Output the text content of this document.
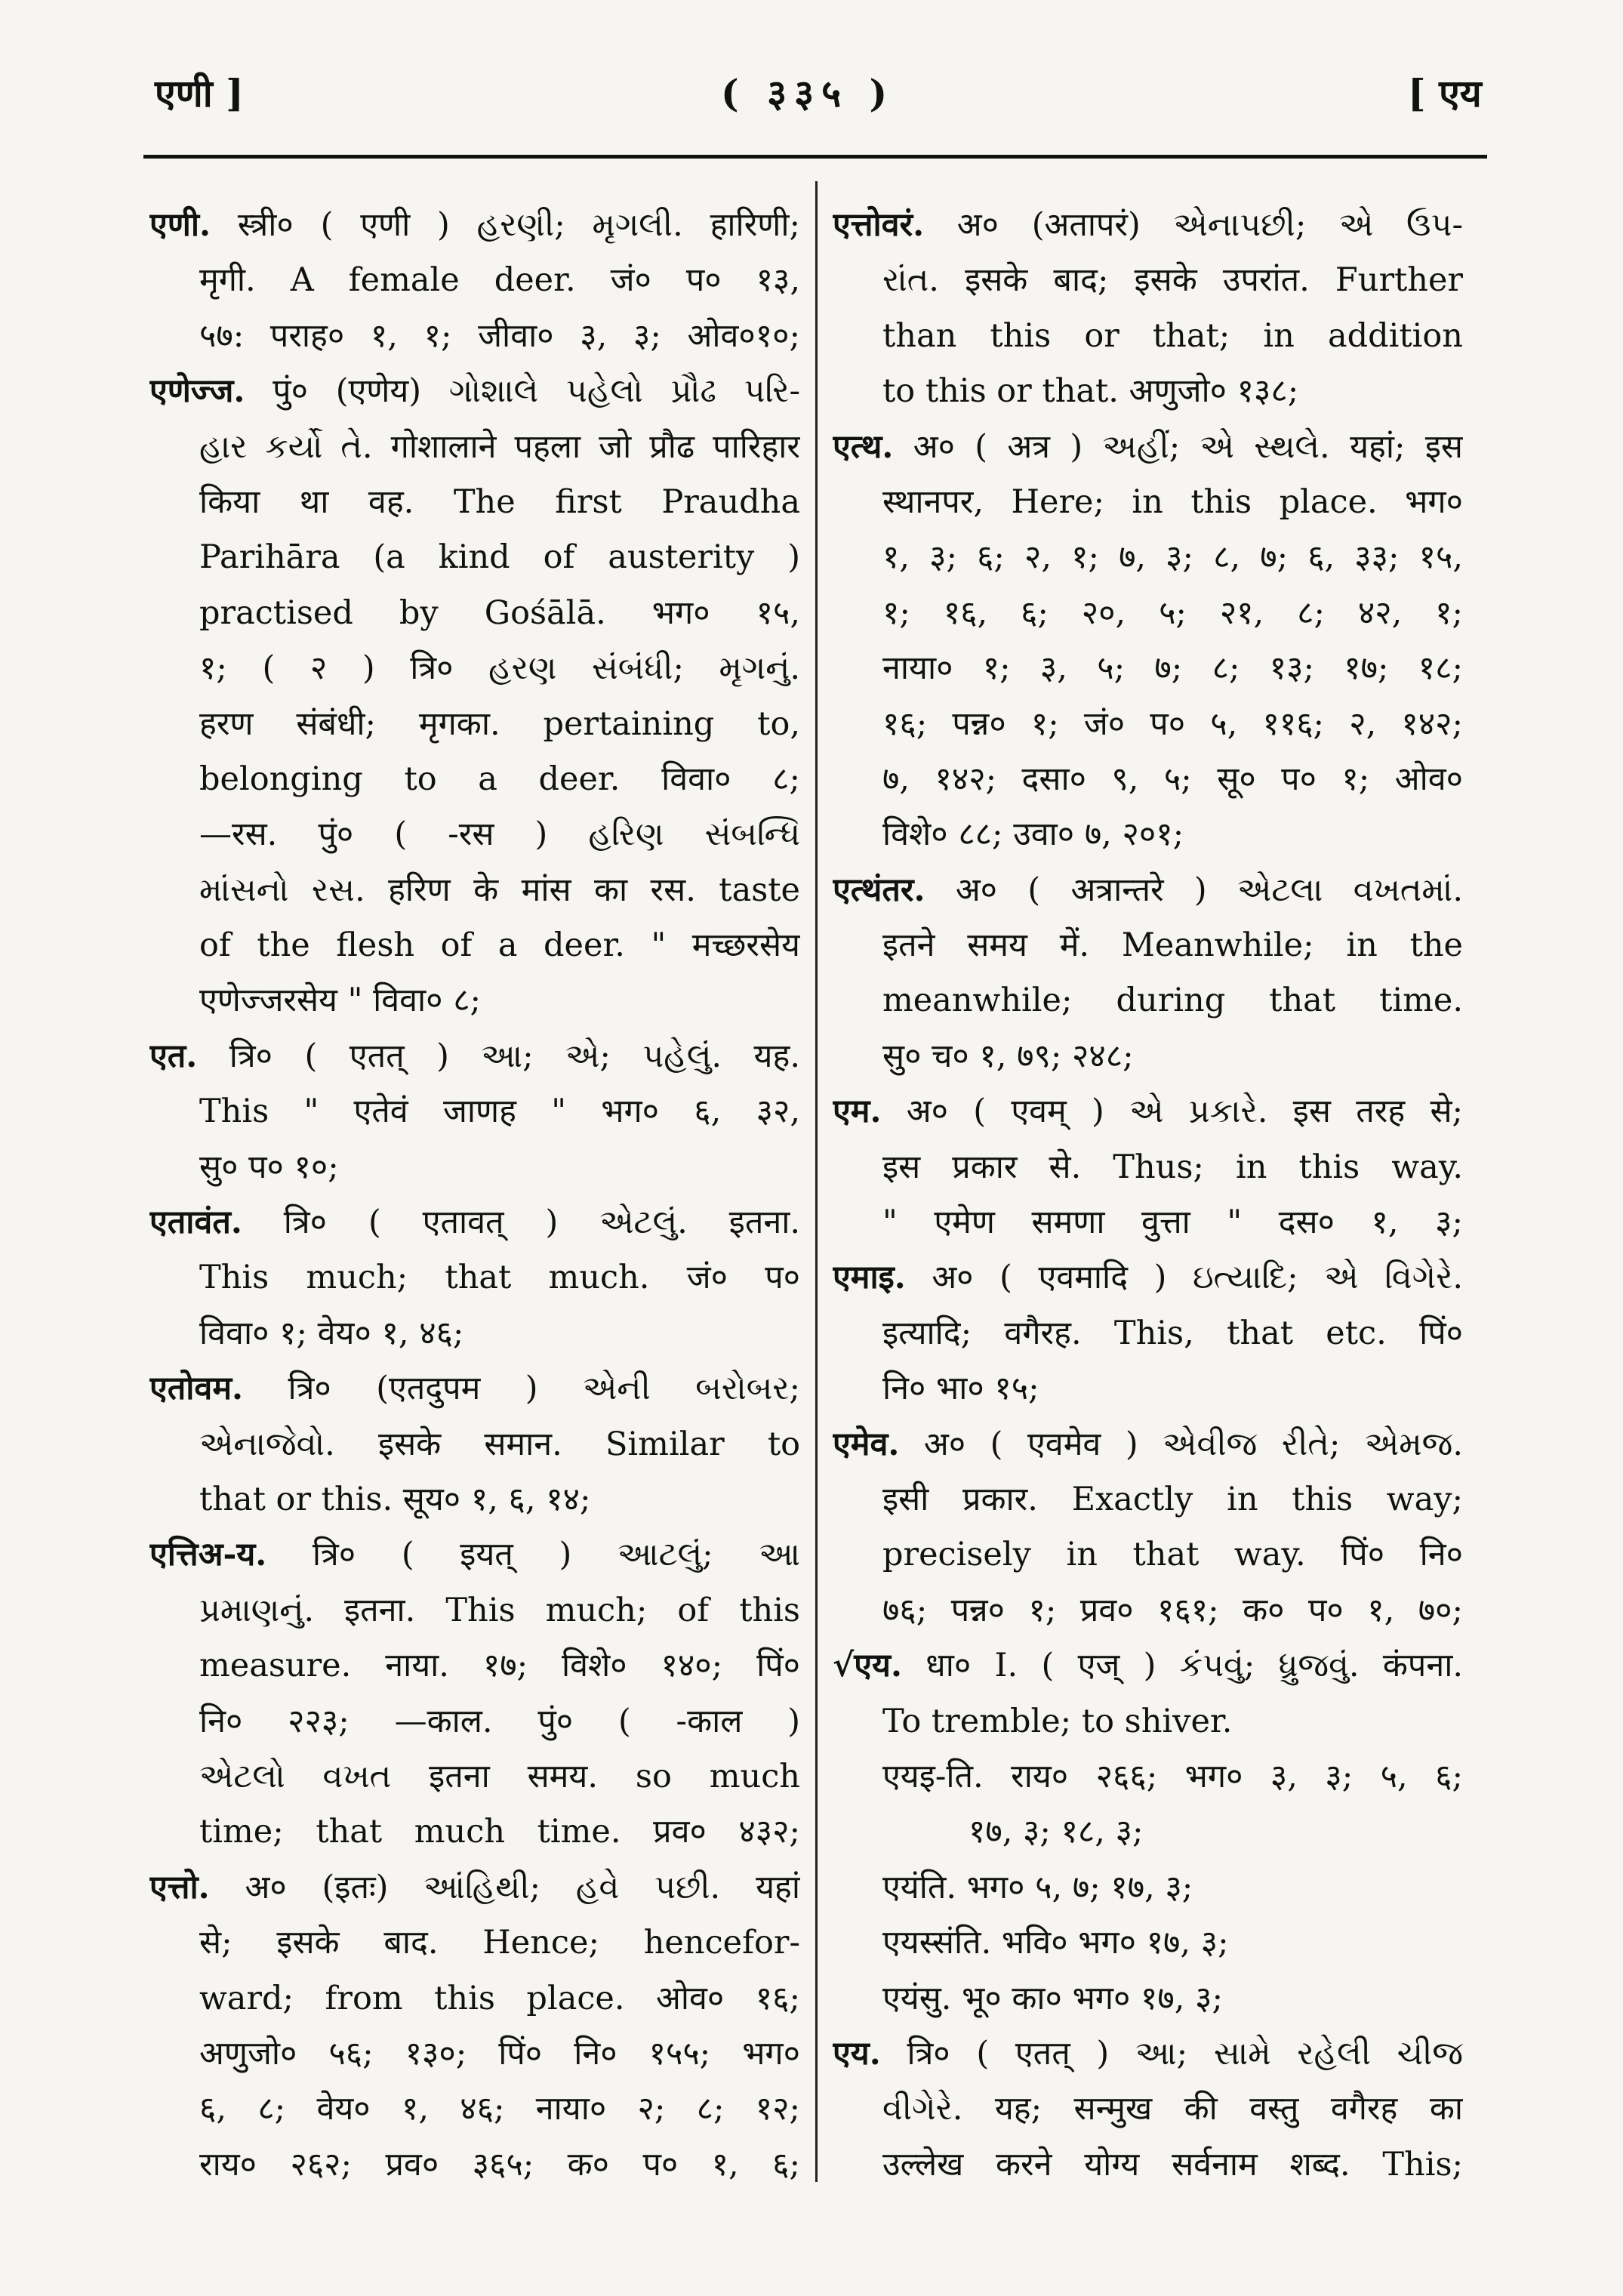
एणी ]	( ३३५ )	[ एय
एणी. स्त्री० ( एणी ) હરણી; મૃગલી. हारिणी;
मृगी. A female deer. जं० प० १३,
५७: पराह० १, १; जीवा० ३, ३; ओव०१०;
एणेज्ज. पुं० (एणेय) ગોશાલે પહેલો પ્રૌઢ પરિ-
હાર કર્યો તે. गोशालाने पहला जो प्रौढ पारिहार
किया था वह. The first Praudha
Parihāra (a kind of austerity )
practised by Gośālā. भग० १५,
१; ( २ ) त्रि० હરણ સંબંધી; મૃગનું.
हरण संबंधी; मृगका. pertaining to,
belonging to a deer. विवा० ८;
—रस. पुं० ( -रस ) હરિણ સંબન્ધિ
માંસનો રસ. हरिण के मांस का रस. taste
of the flesh of a deer. " मच्छरसेय
एणेज्जरसेय " विवा० ८;
एत. त्रि० ( एतत् ) આ; એ; પહેલું. यह.
This " एतेवं जाणह " भग० ६, ३२,
सु० प० १०;
एतावंत. त्रि० ( एतावत् ) એટલું. इतना.
This much; that much. जं० प०
विवा० १; वेय० १, ४६;
एतोवम. त्रि० (एतदुपम ) એની બરોબર;
એનાજેવો. इसके समान. Similar to
that or this. सूय० १, ६, १४;
एत्तिअ-य. त्रि० ( इयत् ) આટલું; આ
પ્રમાણનું. इतना. This much; of this
measure. नाया. १७; विशे० १४०; पिं०
नि० २२३; —काल. पुं० ( -काल )
એટલો વખત इतना समय. so much
time; that much time. प्रव० ४३२;
एत्तो. अ० (इतः) આંહિથી; હવે પછી. यहां
से; इसके बाद. Hence; hencefor-
ward; from this place. ओव० १६;
अणुजो० ५६; १३०; पिं० नि० १५५; भग०
६, ८; वेय० १, ४६; नाया० २; ८; १२;
राय० २६२; प्रव० ३६५; क० प० १, ६;
एत्तोवरं. अ० (अतापरं) એનાપછી; એ ઉપ-
રાંત. इसके बाद; इसके उपरांत. Further
than this or that; in addition
to this or that. अणुजो० १३८;
एत्थ. अ० ( अत्र ) અહીં; એ સ્થલે. यहां; इस
स्थानपर, Here; in this place. भग०
१, ३; ६; २, १; ७, ३; ८, ७; ६, ३३; १५,
१; १६, ६; २०, ५; २१, ८; ४२, १;
नाया० १; ३, ५; ७; ८; १३; १७; १८;
१६; पन्न० १; जं० प० ५, ११६; २, १४२;
७, १४२; दसा० ९, ५; सू० प० १; ओव०
विशे० ८८; उवा० ७, २०१;
एत्थंतर. अ० ( अत्रान्तरे ) એટલા વખતમાં.
इतने समय में. Meanwhile; in the
meanwhile; during that time.
सु० च० १, ७९; २४८;
एम. अ० ( एवम् ) એ પ્રકારે. इस तरह से;
इस प्रकार से. Thus; in this way.
" एमेण समणा वुत्ता " दस० १, ३;
एमाइ. अ० ( एवमादि ) ઇત્યાદિ; એ વિગેરે.
इत्यादि; वगैरह. This, that etc. पिं०
नि० भा० १५;
एमेव. अ० ( एवमेव ) એવીજ રીતે; એમજ.
इसी प्रकार. Exactly in this way;
precisely in that way. पिं० नि०
७६; पन्न० १; प्रव० १६१; क० प० १, ७०;
√एय. धा० I. ( एज् ) કંપવું; ધ્રુજવું. कंपना.
To tremble; to shiver.
एयइ-ति. राय० २६६; भग० ३, ३; ५, ६;
१७, ३; १८, ३;
एयंति. भग० ५, ७; १७, ३;
एयस्संति. भवि० भग० १७, ३;
एयंसु. भू० का० भग० १७, ३;
एय. त्रि० ( एतत् ) આ; સામે રહેલી ચીજ
વીગેરે. यह; सन्मुख की वस्तु वगैरह का
उल्लेख करने योग्य सर्वनाम शब्द. This;
